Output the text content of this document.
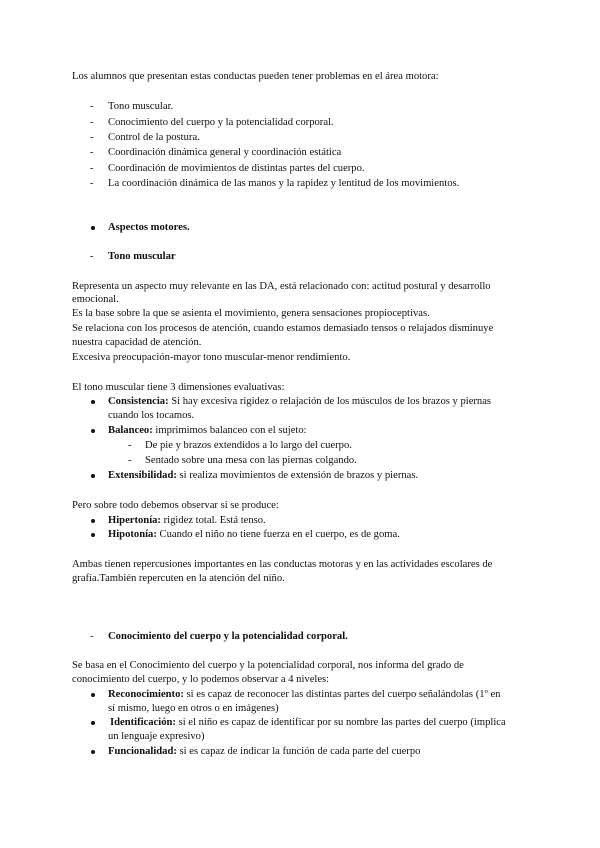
Los alumnos que presentan estas conductas pueden tener problemas en el área motora:
- Tono muscular.
- Conocimiento del cuerpo y la potencialidad corporal.
- Control de la postura.
- Coordinación dinámica general y coordinación estática
- Coordinación de movimientos de distintas partes del cuerpo.
- La coordinación dinámica de las manos y la rapidez y lentitud de los movimientos.
Aspectos motores.
- Tono muscular
Representa un aspecto muy relevante en las DA, está relacionado con: actitud postural y desarrollo
emocional.
Es la base sobre la que se asienta el movimiento, genera sensaciones propioceptivas.
Se relaciona con los procesos de atención, cuando estamos demasiado tensos o relajados disminuye
nuestra capacidad de atención.
Excesiva preocupación-mayor tono muscular-menor rendimiento.
El tono muscular tiene 3 dimensiones evaluativas:
Consistencia: Si hay excesiva rigidez o relajación de los músculos de los brazos y piernas
cuando los tocamos.
Balanceo: imprimimos balanceo con el sujeto:
- De pie y brazos extendidos a lo largo del cuerpo.
- Sentado sobre una mesa con las piernas colgando.
Extensibilidad: si realiza movimientos de extensión de brazos y piernas.
Pero sobre todo debemos observar si se produce:
Hipertonía: rigidez total. Está tenso.
Hipotonía: Cuando el niño no tiene fuerza en el cuerpo, es de goma.
Ambas tienen repercusiones importantes en las conductas motoras y en las actividades escolares de
grafía.También repercuten en la atención del niño.
- Conocimiento del cuerpo y la potencialidad corporal.
Se basa en el Conocimiento del cuerpo y la potencialidad corporal, nos informa del grado de
conocimiento del cuerpo, y lo podemos observar a 4 niveles:
Reconocimiento: si es capaz de reconocer las distintas partes del cuerpo señalándolas (1º en
sí mismo, luego en otros o en imágenes)
Identificación: si el niño es capaz de identificar por su nombre las partes del cuerpo (implica
un lenguaje expresivo)
Funcionalidad: si es capaz de indicar la función de cada parte del cuerpo
